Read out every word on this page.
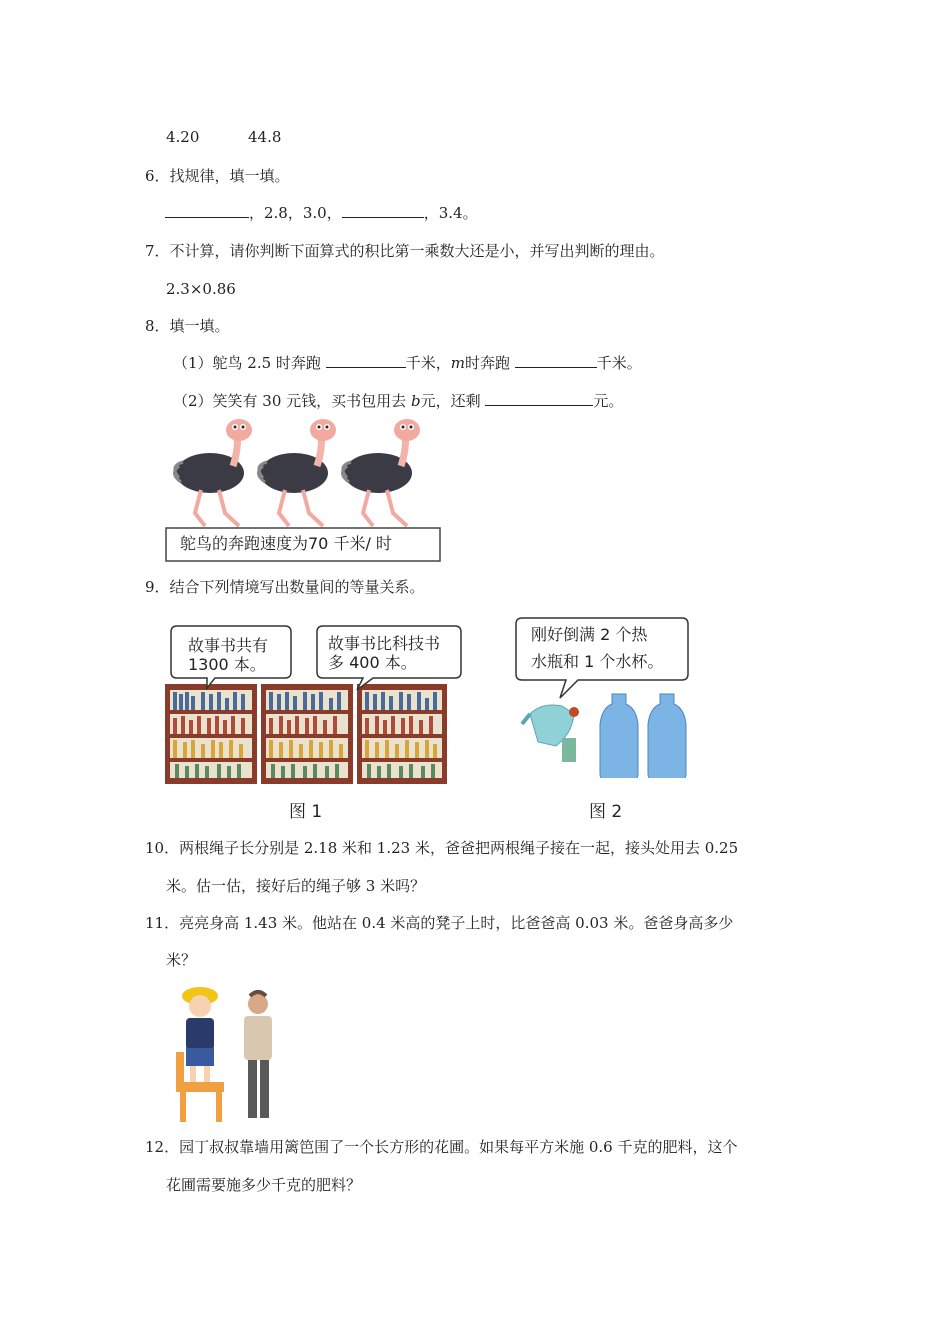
4.20	44.8
6．找规律，填一填。
，2.8，3.0，	，3.4。
7．不计算，请你判断下面算式的积比第一乘数大还是小，并写出判断的理由。
2.3×0.86
8．填一填。
（1）鸵鸟 2.5 时奔跑	千米，m时奔跑	千米。
（2）笑笑有 30 元钱，买书包用去 b元，还剩	元。
鸵鸟的奔跑速度为70 千米/ 时
9．结合下列情境写出数量间的等量关系。
故事书共有
1300 本。
故事书比科技书
多 400 本。
图 1
刚好倒满 2 个热
水瓶和 1 个水杯。
图 2
10．两根绳子长分别是 2.18 米和 1.23 米，爸爸把两根绳子接在一起，接头处用去 0.25
米。估一估，接好后的绳子够 3 米吗？
11．亮亮身高 1.43 米。他站在 0.4 米高的凳子上时，比爸爸高 0.03 米。爸爸身高多少
米？
12．园丁叔叔靠墙用篱笆围了一个长方形的花圃。如果每平方米施 0.6 千克的肥料，这个
花圃需要施多少千克的肥料？
